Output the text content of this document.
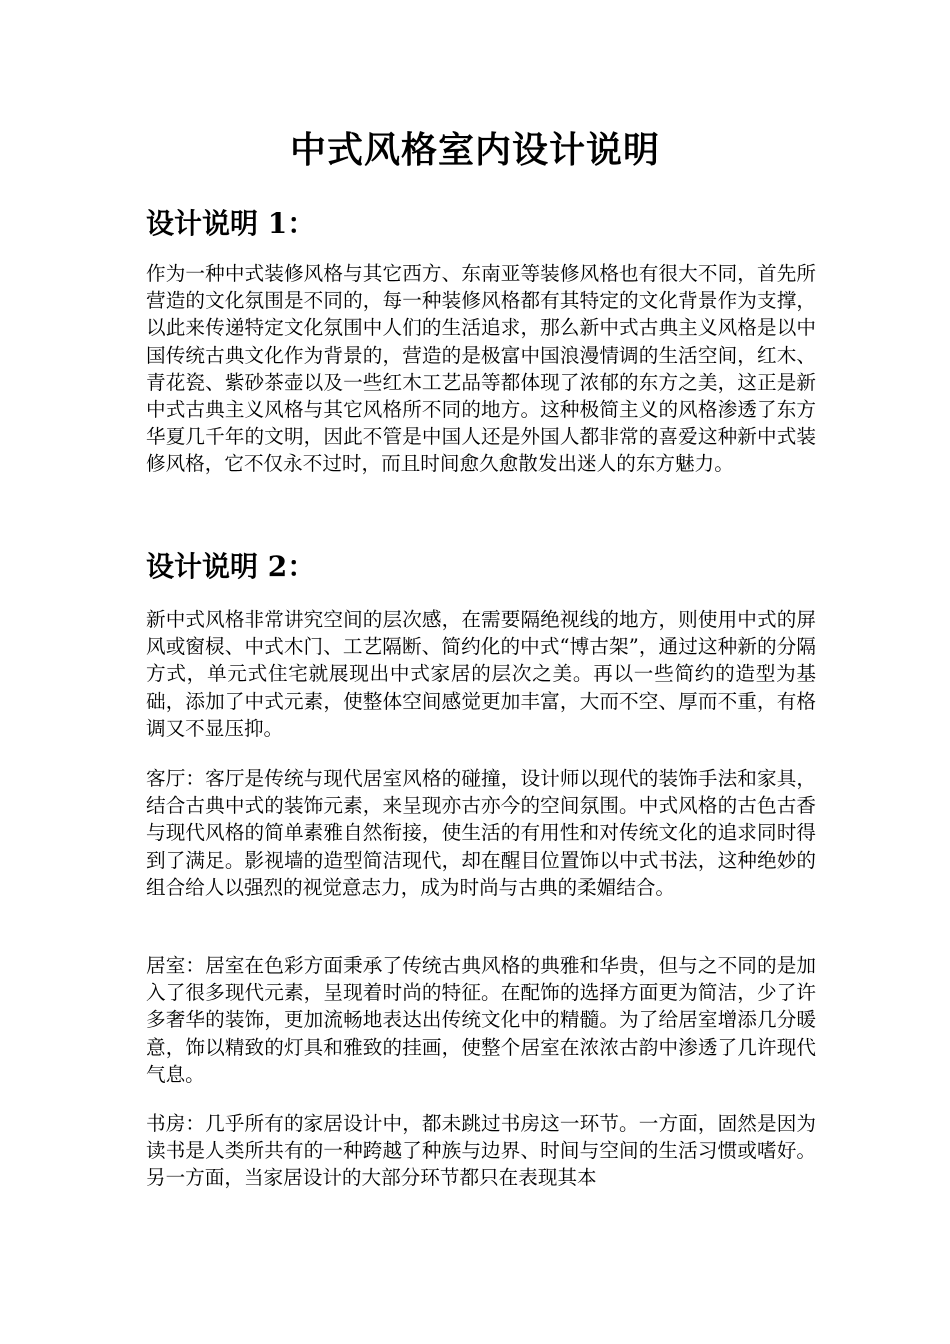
中式风格室内设计说明
设计说明 1：

作为一种中式装修风格与其它西方、东南亚等装修风格也有很大不同，首先所营造的文化氛围是不同的，每一种装修风格都有其特定的文化背景作为支撑，以此来传递特定文化氛围中人们的生活追求，那么新中式古典主义风格是以中国传统古典文化作为背景的，营造的是极富中国浪漫情调的生活空间，红木、青花瓷、紫砂茶壶以及一些红木工艺品等都体现了浓郁的东方之美，这正是新中式古典主义风格与其它风格所不同的地方。这种极简主义的风格渗透了东方华夏几千年的文明，因此不管是中国人还是外国人都非常的喜爱这种新中式装修风格，它不仅永不过时，而且时间愈久愈散发出迷人的东方魅力。

设计说明 2：

新中式风格非常讲究空间的层次感，在需要隔绝视线的地方，则使用中式的屏风或窗棂、中式木门、工艺隔断、简约化的中式“博古架”，通过这种新的分隔方式，单元式住宅就展现出中式家居的层次之美。再以一些简约的造型为基础，添加了中式元素，使整体空间感觉更加丰富，大而不空、厚而不重，有格调又不显压抑。

客厅：客厅是传统与现代居室风格的碰撞，设计师以现代的装饰手法和家具，结合古典中式的装饰元素，来呈现亦古亦今的空间氛围。中式风格的古色古香与现代风格的简单素雅自然衔接，使生活的有用性和对传统文化的追求同时得到了满足。影视墙的造型简洁现代，却在醒目位置饰以中式书法，这种绝妙的组合给人以强烈的视觉意志力，成为时尚与古典的柔媚结合。

居室：居室在色彩方面秉承了传统古典风格的典雅和华贵，但与之不同的是加入了很多现代元素，呈现着时尚的特征。在配饰的选择方面更为简洁，少了许多奢华的装饰，更加流畅地表达出传统文化中的精髓。为了给居室增添几分暖意，饰以精致的灯具和雅致的挂画，使整个居室在浓浓古韵中渗透了几许现代气息。

书房：几乎所有的家居设计中，都未跳过书房这一环节。一方面，固然是因为读书是人类所共有的一种跨越了种族与边界、时间与空间的生活习惯或嗜好。另一方面，当家居设计的大部分环节都只在表现其本
